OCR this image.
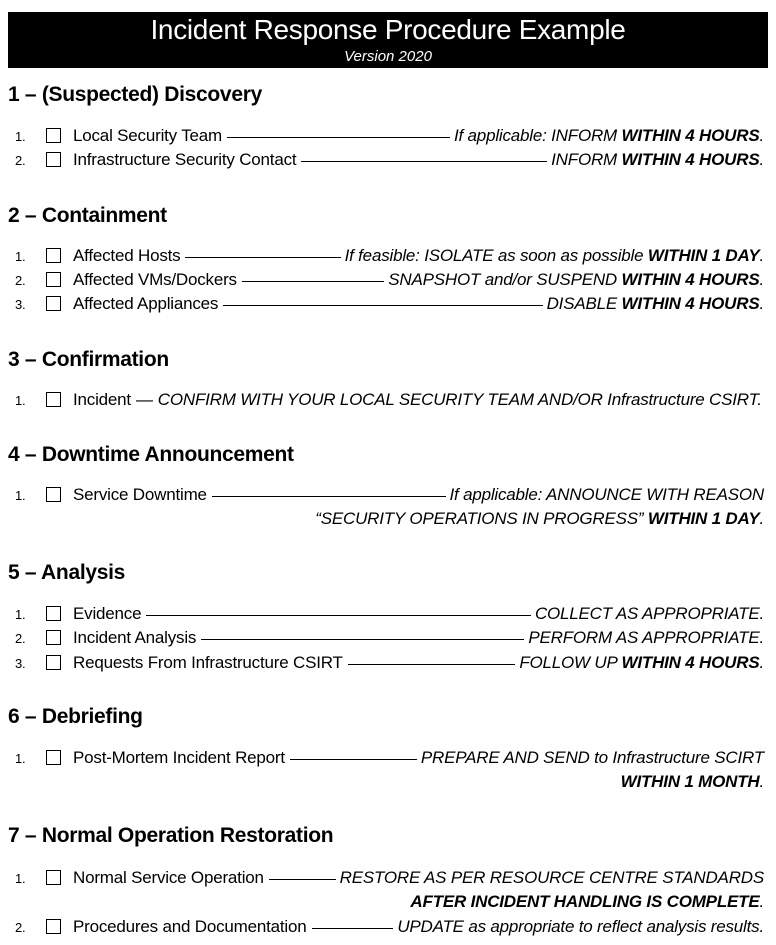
Incident Response Procedure Example
Version 2020
1 – (Suspected) Discovery
1.	Local Security Team	If applicable: INFORM WITHIN 4 HOURS.
2.	Infrastructure Security Contact	INFORM WITHIN 4 HOURS.
2 – Containment
1.	Affected Hosts	If feasible: ISOLATE as soon as possible WITHIN 1 DAY.
2.	Affected VMs/Dockers	SNAPSHOT and/or SUSPEND WITHIN 4 HOURS.
3.	Affected Appliances	DISABLE WITHIN 4 HOURS.
3 – Confirmation
1.	Incident — CONFIRM WITH YOUR LOCAL SECURITY TEAM AND/OR Infrastructure CSIRT.
4 – Downtime Announcement
1.	Service Downtime	If applicable: ANNOUNCE WITH REASON
“SECURITY OPERATIONS IN PROGRESS” WITHIN 1 DAY.
5 – Analysis
1.	Evidence	COLLECT AS APPROPRIATE.
2.	Incident Analysis	PERFORM AS APPROPRIATE.
3.	Requests From Infrastructure CSIRT	FOLLOW UP WITHIN 4 HOURS.
6 – Debriefing
1.	Post-Mortem Incident Report	PREPARE AND SEND to Infrastructure SCIRT
WITHIN 1 MONTH.
7 – Normal Operation Restoration
1.	Normal Service Operation	RESTORE AS PER RESOURCE CENTRE STANDARDS
AFTER INCIDENT HANDLING IS COMPLETE.
2.	Procedures and Documentation	UPDATE as appropriate to reflect analysis results.
